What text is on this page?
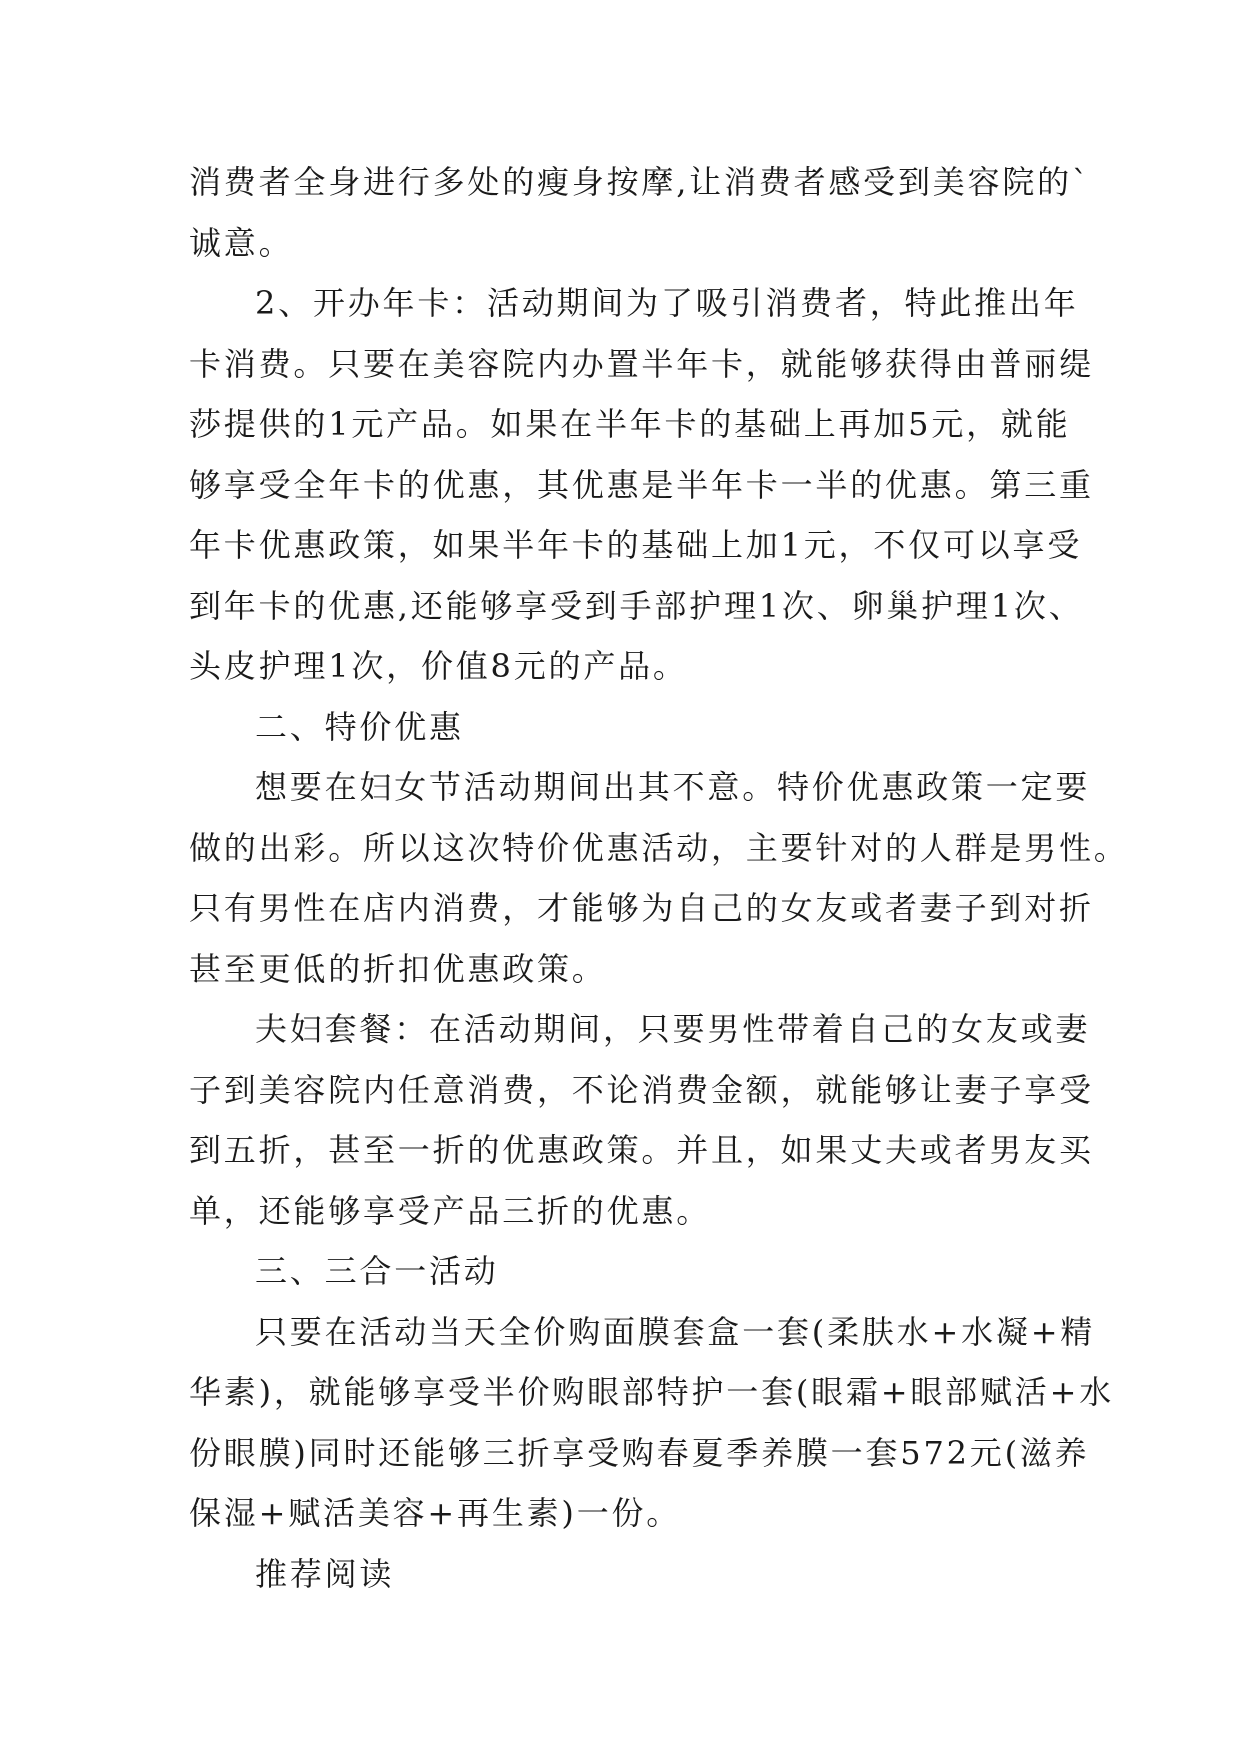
消费者全身进行多处的瘦身按摩,让消费者感受到美容院的`
诚意。
2、开办年卡：活动期间为了吸引消费者，特此推出年
卡消费。只要在美容院内办置半年卡，就能够获得由普丽缇
莎提供的1元产品。如果在半年卡的基础上再加5元，就能
够享受全年卡的优惠，其优惠是半年卡一半的优惠。第三重
年卡优惠政策，如果半年卡的基础上加1元，不仅可以享受
到年卡的优惠,还能够享受到手部护理1次、卵巢护理1次、
头皮护理1次，价值8元的产品。
二、特价优惠
想要在妇女节活动期间出其不意。特价优惠政策一定要
做的出彩。所以这次特价优惠活动，主要针对的人群是男性。
只有男性在店内消费，才能够为自己的女友或者妻子到对折
甚至更低的折扣优惠政策。
夫妇套餐：在活动期间，只要男性带着自己的女友或妻
子到美容院内任意消费，不论消费金额，就能够让妻子享受
到五折，甚至一折的优惠政策。并且，如果丈夫或者男友买
单，还能够享受产品三折的优惠。
三、三合一活动
只要在活动当天全价购面膜套盒一套(柔肤水+水凝+精
华素)，就能够享受半价购眼部特护一套(眼霜+眼部赋活+水
份眼膜)同时还能够三折享受购春夏季养膜一套572元(滋养
保湿+赋活美容+再生素)一份。
推荐阅读
